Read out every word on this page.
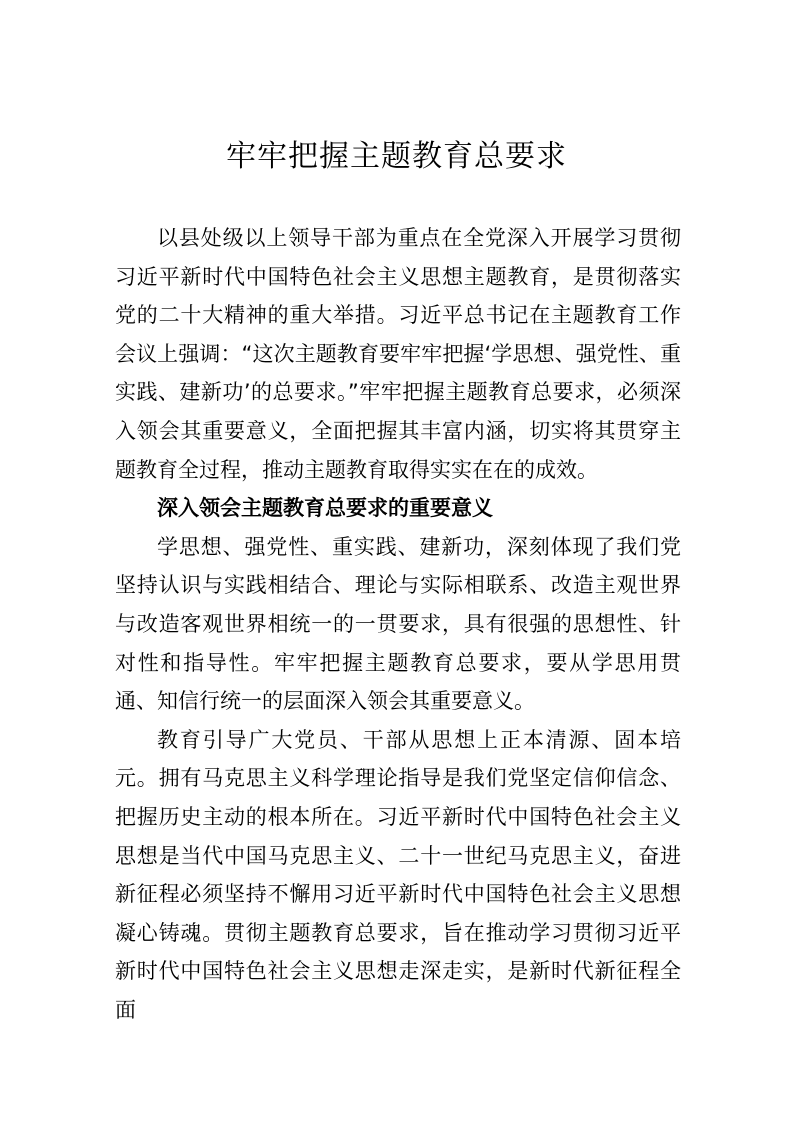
牢牢把握主题教育总要求

以县处级以上领导干部为重点在全党深入开展学习贯彻习近平新时代中国特色社会主义思想主题教育，是贯彻落实党的二十大精神的重大举措。习近平总书记在主题教育工作会议上强调：“这次主题教育要牢牢把握‘学思想、强党性、重实践、建新功’的总要求。”牢牢把握主题教育总要求，必须深入领会其重要意义，全面把握其丰富内涵，切实将其贯穿主题教育全过程，推动主题教育取得实实在在的成效。

深入领会主题教育总要求的重要意义

学思想、强党性、重实践、建新功，深刻体现了我们党坚持认识与实践相结合、理论与实际相联系、改造主观世界与改造客观世界相统一的一贯要求，具有很强的思想性、针对性和指导性。牢牢把握主题教育总要求，要从学思用贯通、知信行统一的层面深入领会其重要意义。

教育引导广大党员、干部从思想上正本清源、固本培元。拥有马克思主义科学理论指导是我们党坚定信仰信念、把握历史主动的根本所在。习近平新时代中国特色社会主义思想是当代中国马克思主义、二十一世纪马克思主义，奋进新征程必须坚持不懈用习近平新时代中国特色社会主义思想凝心铸魂。贯彻主题教育总要求，旨在推动学习贯彻习近平新时代中国特色社会主义思想走深走实，是新时代新征程全面
